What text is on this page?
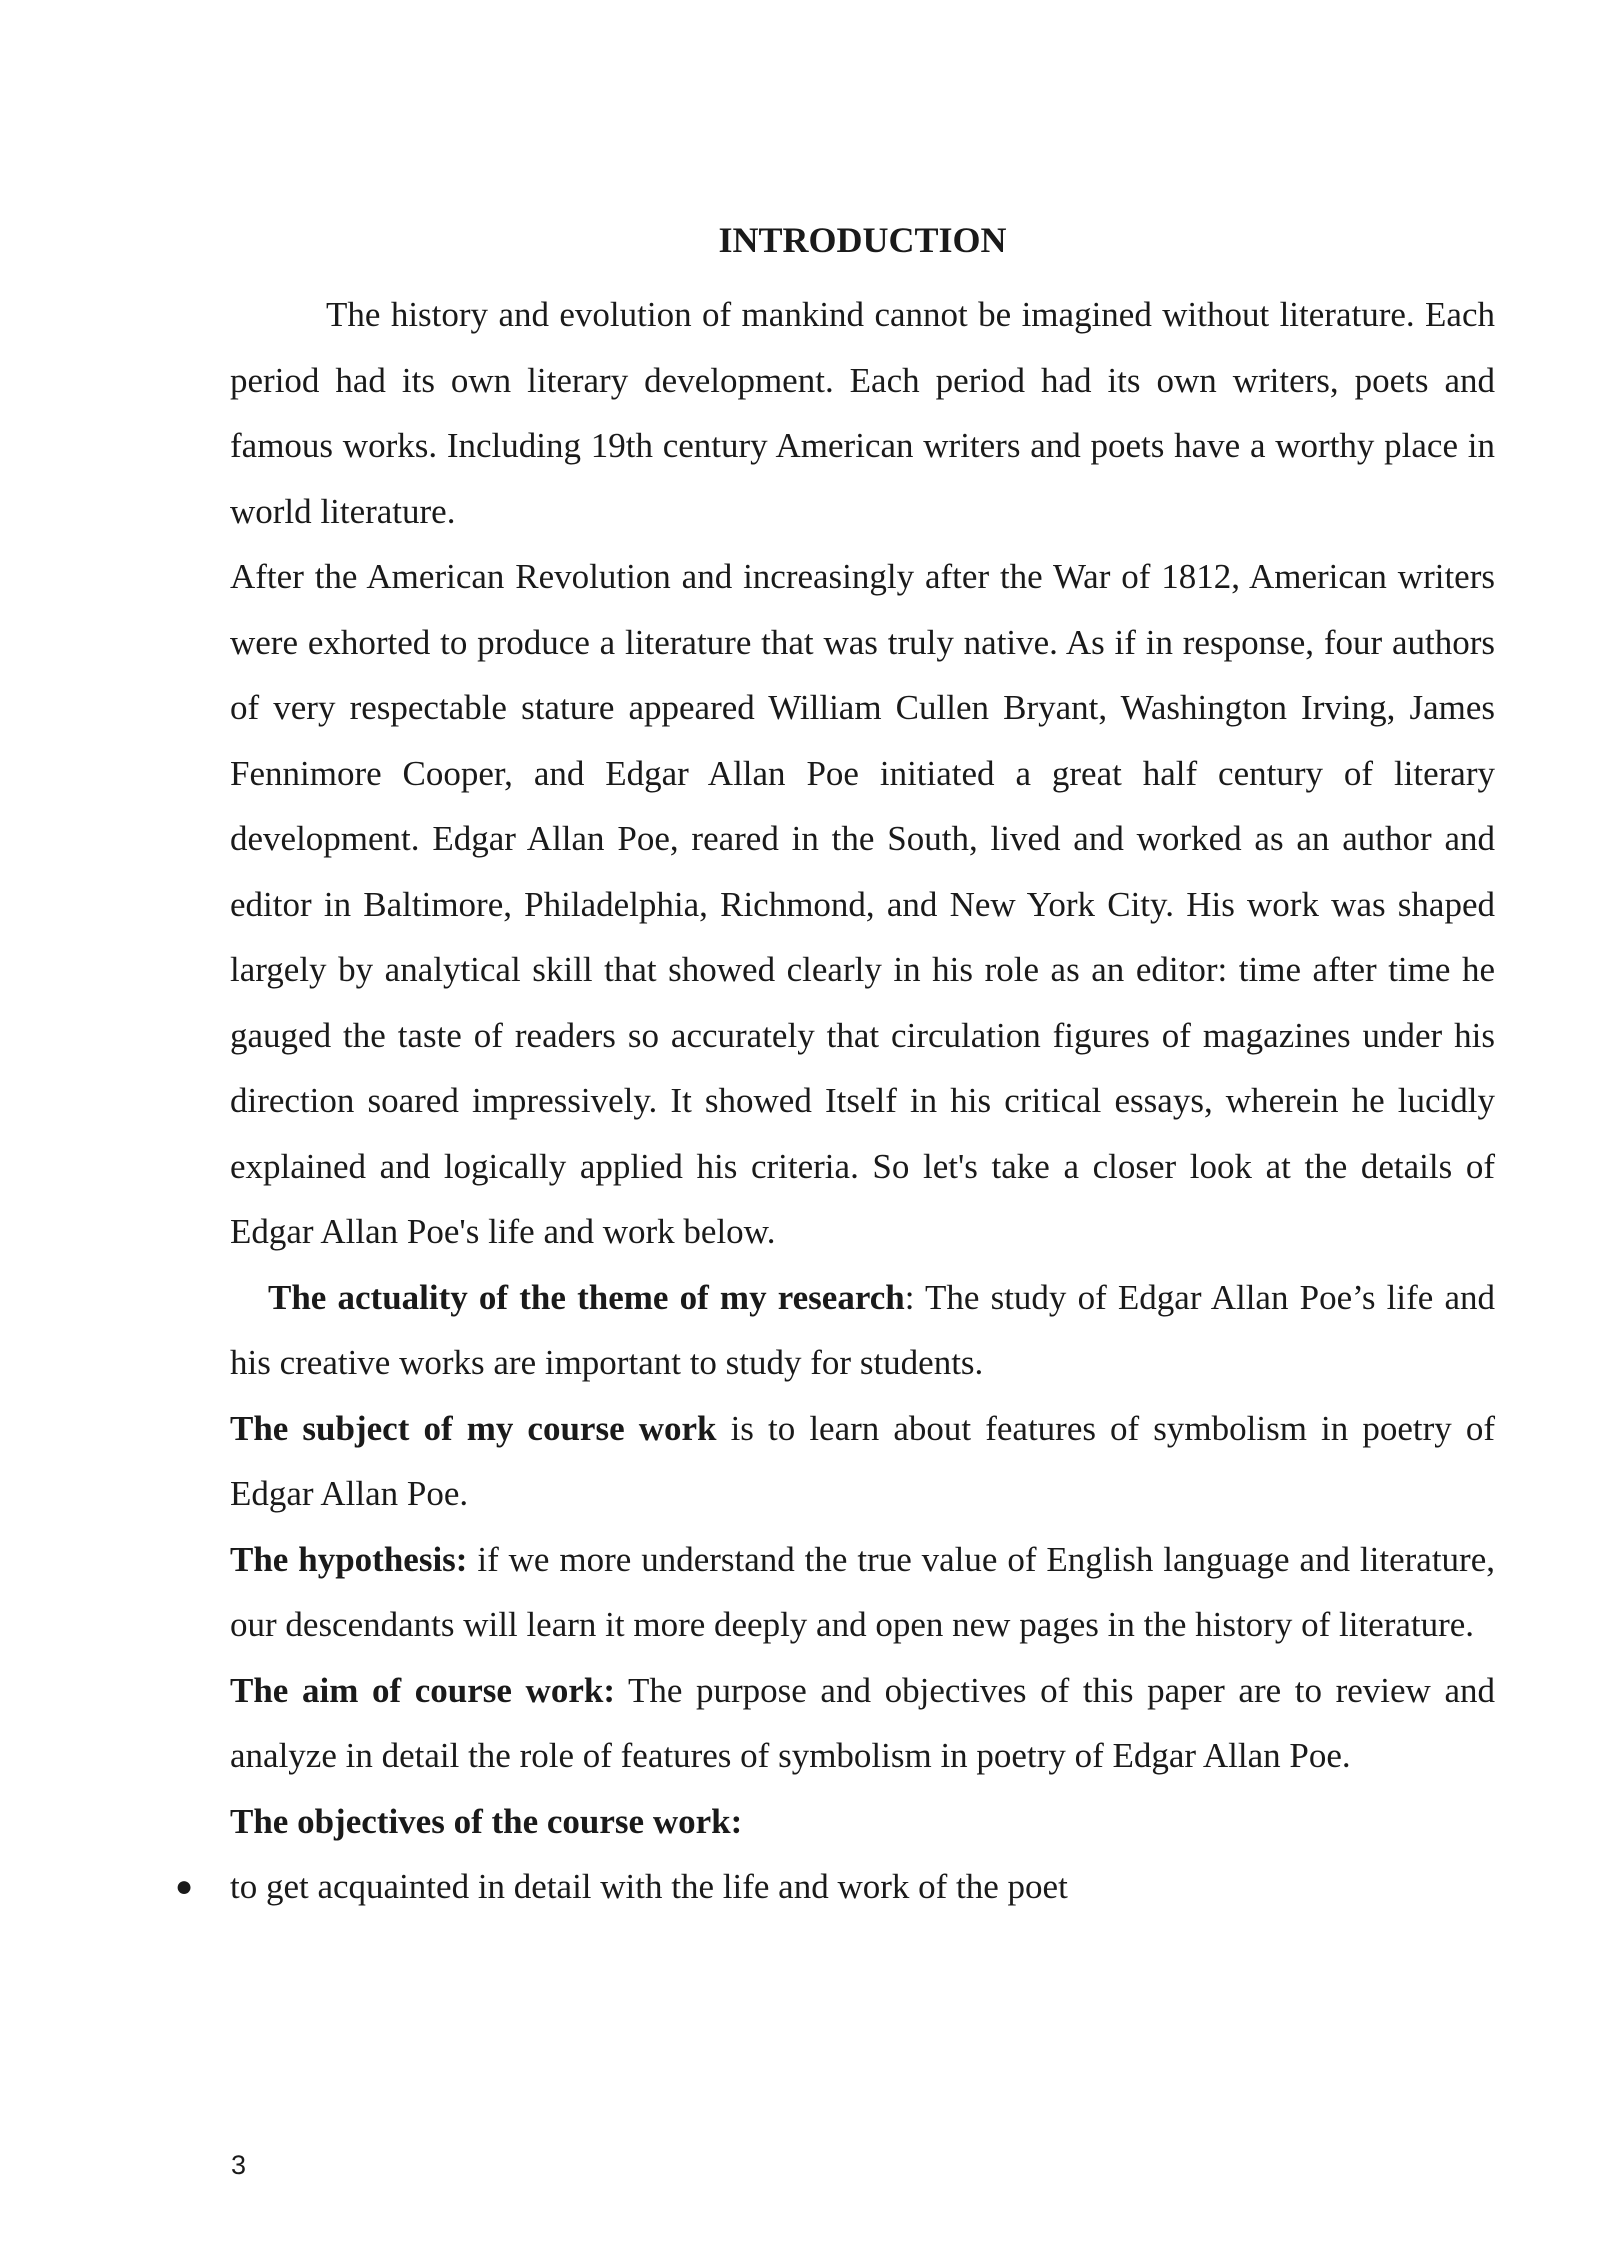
INTRODUCTION

The history and evolution of mankind cannot be imagined without literature. Each period had its own literary development. Each period had its own writers, poets and famous works. Including 19th century American writers and poets have a worthy place in world literature.

After the American Revolution and increasingly after the War of 1812, American writers were exhorted to produce a literature that was truly native. As if in response, four authors of very respectable stature appeared William Cullen Bryant, Washington Irving, James Fennimore Cooper, and Edgar Allan Poe initiated a great half century of literary development. Edgar Allan Poe, reared in the South, lived and worked as an author and editor in Baltimore, Philadelphia, Richmond, and New York City. His work was shaped largely by analytical skill that showed clearly in his role as an editor: time after time he gauged the taste of readers so accurately that circulation figures of magazines under his direction soared impressively. It showed Itself in his critical essays, wherein he lucidly explained and logically applied his criteria. So let's take a closer look at the details of Edgar Allan Poe's life and work below.

The actuality of the theme of my research: The study of Edgar Allan Poe’s life and his creative works are important to study for students.

The subject of my course work is to learn about features of symbolism in poetry of Edgar Allan Poe.

The hypothesis: if we more understand the true value of English language and literature, our descendants will learn it more deeply and open new pages in the history of literature.

The aim of course work: The purpose and objectives of this paper are to review and analyze in detail the role of features of symbolism in poetry of Edgar Allan Poe.

The objectives of the course work:

● to get acquainted in detail with the life and work of the poet
3
